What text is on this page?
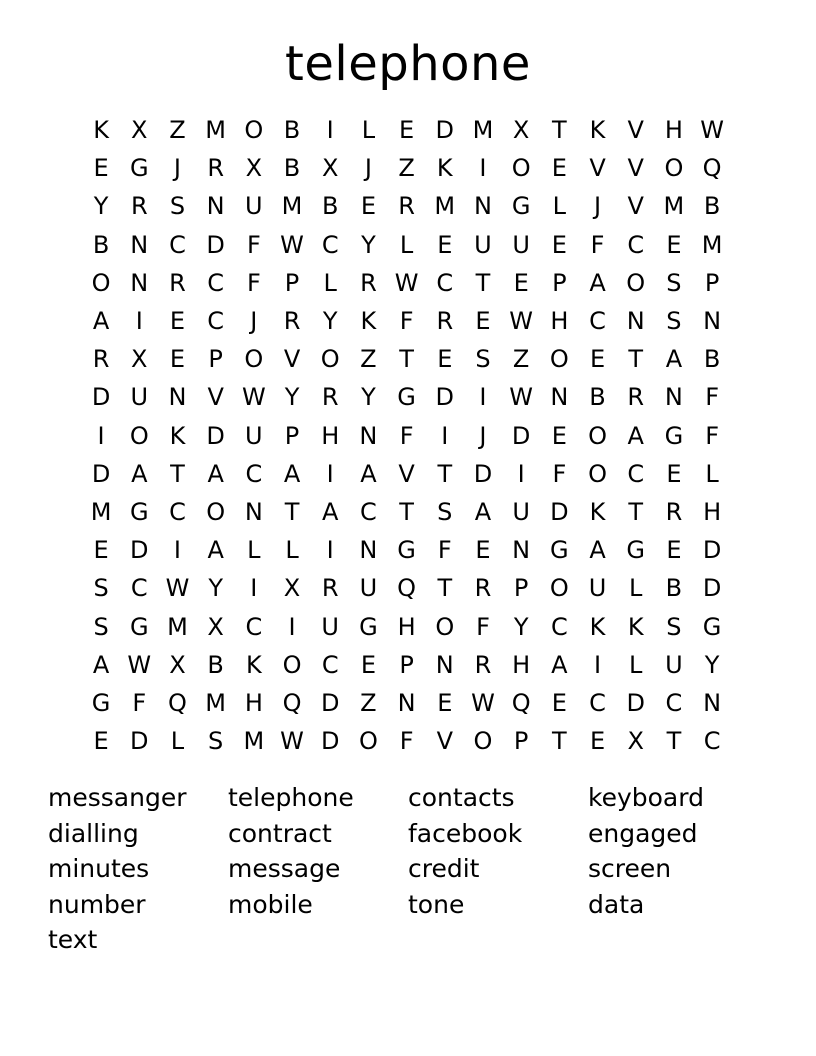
telephone
K X Z M O B	I	L E D M X T K V H W
E G	J	R X B X	J	Z K	I	O E V V O Q
Y R S N U M B E R M N G L	J	V M B
B N C D F W C Y	L E U U E F C E M
O N R C F	P	L R W C T E P A O S P
A	I	E C	J	R Y K F R E W H C N S N
R X E P O V O Z T E S Z O E T A B
D U N V W Y R Y G D	I W N B R N F
I	O K D U P H N F	I	J	D E O A G F
D A T A C A	I	A V T D	I	F O C E L
M G C O N T A C T S A U D K T R H
E D	I	A L	L	I	N G F E N G A G E D
S C W Y	I	X R U Q T R P O U L B D
S G M X C	I	U G H O F Y C K K S G
A W X B K O C E P N R H A	I	L U Y
G F Q M H Q D Z N E W Q E C D C N
E D L S M W D O F V O P T E X T C
messanger	telephone	contacts	keyboard
dialling	contract	facebook	engaged
minutes	message	credit	screen
number	mobile	tone	data
text
